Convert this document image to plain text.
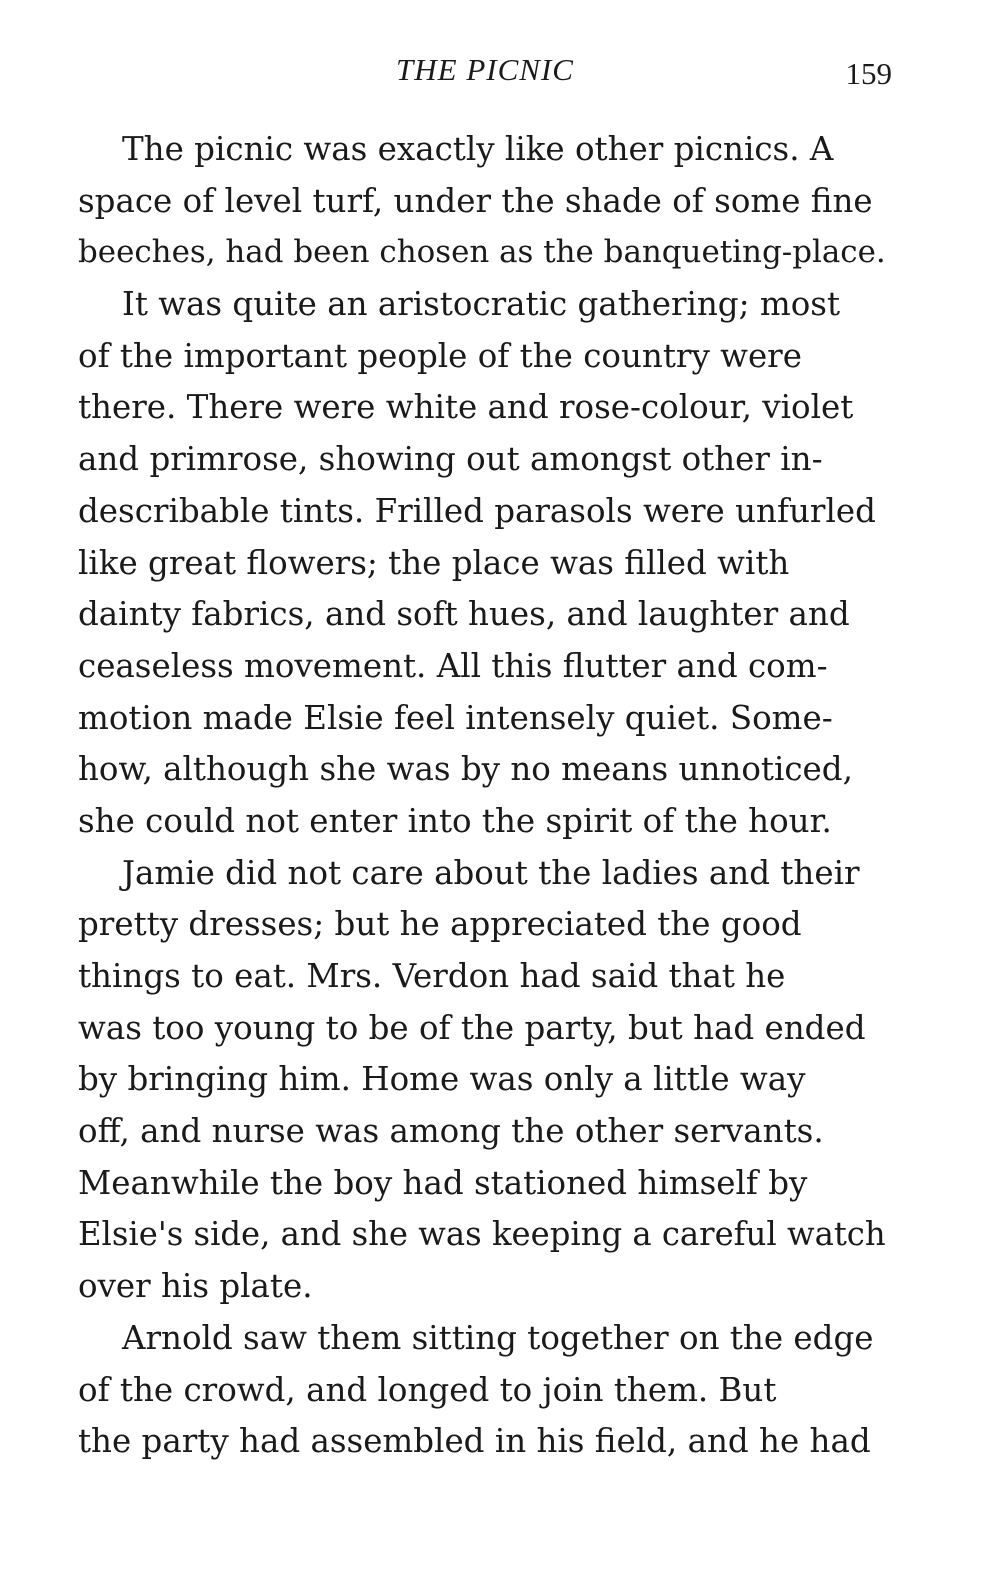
THE PICNIC	159
The picnic was exactly like other picnics. A
space of level turf, under the shade of some fine
beeches, had been chosen as the banqueting-place.
It was quite an aristocratic gathering; most
of the important people of the country were
there. There were white and rose-colour, violet
and primrose, showing out amongst other in-
describable tints. Frilled parasols were unfurled
like great flowers; the place was filled with
dainty fabrics, and soft hues, and laughter and
ceaseless movement. All this flutter and com-
motion made Elsie feel intensely quiet. Some-
how, although she was by no means unnoticed,
she could not enter into the spirit of the hour.
Jamie did not care about the ladies and their
pretty dresses; but he appreciated the good
things to eat. Mrs. Verdon had said that he
was too young to be of the party, but had ended
by bringing him. Home was only a little way
off, and nurse was among the other servants.
Meanwhile the boy had stationed himself by
Elsie's side, and she was keeping a careful watch
over his plate.
Arnold saw them sitting together on the edge
of the crowd, and longed to join them. But
the party had assembled in his field, and he had
